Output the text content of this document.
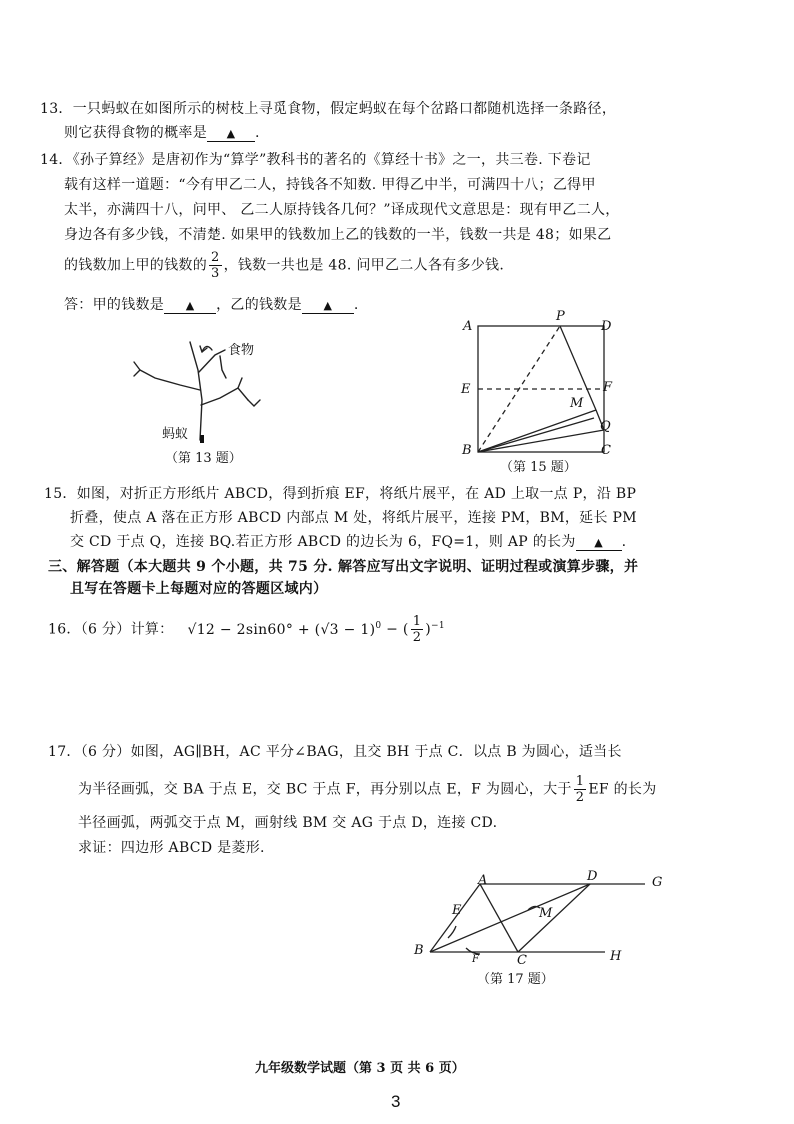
13．一只蚂蚁在如图所示的树枝上寻觅食物，假定蚂蚁在每个岔路口都随机选择一条路径，
则它获得食物的概率是 ▲ .
14．《孙子算经》是唐初作为“算学”教科书的著名的《算经十书》之一，共三卷. 下卷记
载有这样一道题：“今有甲乙二人，持钱各不知数. 甲得乙中半，可满四十八；乙得甲
太半，亦满四十八，问甲、 乙二人原持钱各几何？”译成现代文意思是：现有甲乙二人，
身边各有多少钱，不清楚. 如果甲的钱数加上乙的钱数的一半，钱数一共是 48；如果乙
的钱数加上甲的钱数的 $\frac{2}{3}$ ，钱数一共也是 48. 问甲乙二人各有多少钱.
答：甲的钱数是 ▲ ，乙的钱数是 ▲ .
食物
蚂蚁
（第 13 题）
A
P
D
E	F
M
Q
B	C
（第 15 题）
15．如图，对折正方形纸片 ABCD，得到折痕 EF，将纸片展平，在 AD 上取一点 P，沿 BP
折叠，使点 A 落在正方形 ABCD 内部点 M 处，将纸片展平，连接 PM，BM，延长 PM
交 CD 于点 Q，连接 BQ.若正方形 ABCD 的边长为 6，FQ=1，则 AP 的长为 ▲ .
三、解答题（本大题共 9 个小题，共 75 分. 解答应写出文字说明、证明过程或演算步骤，并
且写在答题卡上每题对应的答题区域内）
16．（6 分）计算： $√12 - 2\sin 60^\circ + (√3 - 1)^0$ − ( $\frac{1}{2} )^{-1}$
17．（6 分）如图，AG∥BH，AC 平分∠BAG，且交 BH 于点 C．以点 B 为圆心，适当长
为半径画弧，交 BA 于点 E，交 BC 于点 F，再分别以点 E，F 为圆心，大于 $\frac{1}{2}$ EF 的长为
半径画弧，两弧交于点 M，画射线 BM 交 AG 于点 D，连接 CD.
求证：四边形 ABCD 是菱形.
A	D	G
E	M
B
F	C	H
（第 17 题）
九年级数学试题（第 3 页 共 6 页）
3
